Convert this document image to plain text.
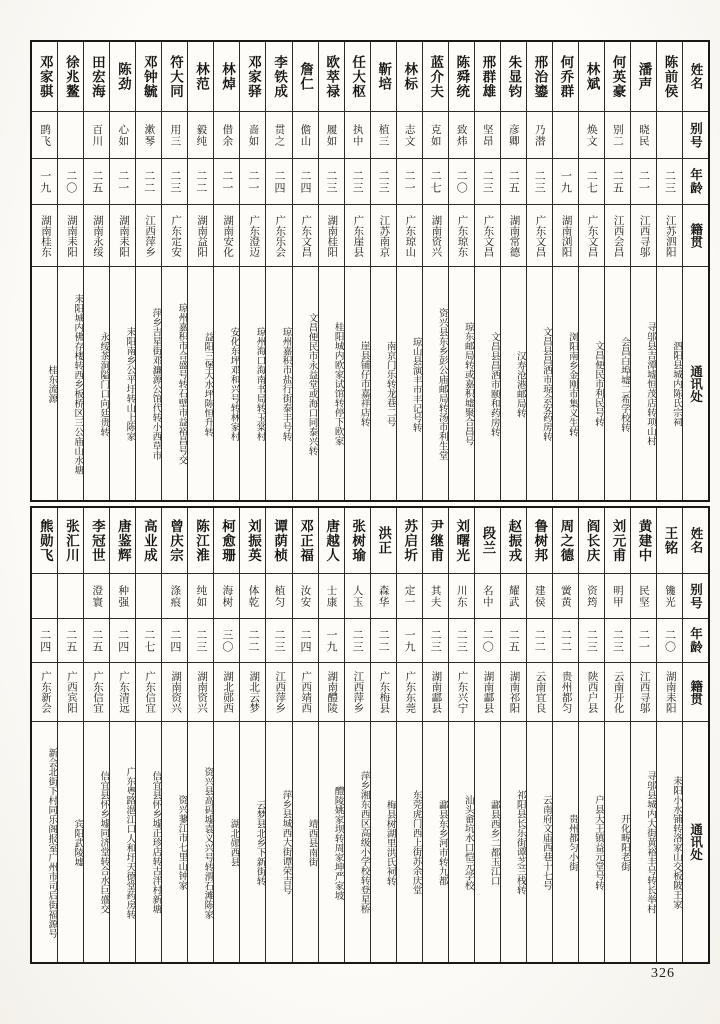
姓名
别号
年龄
籍贯
通讯处
陈前侯
二三
江苏泗阳
泗阳县城内陈氏宗祠
潘声
晓民
二一
江西寻邬
寻邬县吉潭墟恒茂店转项山村
何英豪
别二
二五
江西会昌
会昌白埠墟二希学校转
林斌
焕文
二七
广东文昌
文昌便民市利民号转
何乔群
一九
湖南浏阳
浏阳南乡金刚市集义生转
邢治鎏
乃潜
二三
广东文昌
文昌县昌洒市琼会安药房转
朱显钧
彦卿
二五
湖南常德
汉寿沧港邮局转
邢群雄
坚昂
二三
广东文昌
文昌县昌洒市颐和药房转
陈舜统
致炜
二〇
广东琼东
琼东邮局转或嘉积墟聚合昌号
蓝介夫
克如
二七
湖南资兴
资兴县东乡彭公庙邮局转汤市利生堂
林标
志文
二一
广东琼山
琼山县演丰市丰记号转
靳培
植三
二三
江苏南京
南京门乐转龙巷二号
任大枢
执中
二三
广东崖县
崖县铺仔市嘉祥店转
欧萃禄
履如
二三
湖南桂阳
桂阳城内欧家试馆转停下欧家
詹仁
儋山
二四
广东文昌
文昌便民市永益堂或海口同泰兴转
李铁成
贯之
二四
广东乐会
琼州嘉积市盐行街泰丰号转
邓家驿
啬如
二一
广东澄迈
琼州海口海南书局转玉棠村
林焯
借余
二一
湖南安化
安化东坪邓和兴号转林家村
林范
毅纯
二二
湖南益阳
益阳三堡大水坪陈恒升转
符大同
用三
二三
广东定安
琼州嘉积市合盛号转石壁市益裕昌号交
邓钟毓
漱琴
二二
江西萍乡
萍乡吉星街邓濂源公馆代转小西草市
陈劲
心如
二一
湖南耒阳
耒阳南乡公平圩转山上陈家
田宏海
百川
二五
湖南永绥
永绥茶洞隘门口向廷贵转
徐兆鳌
二〇
湖南耒阳
耒阳城内佛存楼转西乡板桥区三公庙山水塘
邓家骐
鹍飞
一九
湖南桂东
桂东流源
姓名
别号
年龄
籍贯
通讯处
王铭
镵光
二〇
湖南耒阳
耒阳小水铺转洛家山交板陂王家
黄建中
民坚
二一
江西寻邬
寻邬县城内大街黄裕丰号转长举村
刘元甫
明甲
二三
云南开化
开化畴阳老街
阎长庆
资筠
二三
陕西户县
户县大王镇益元堂号转
周之德
黉黄
二二
贵州都匀
贵州都匀小街
鲁树邦
建侯
二二
云南宜良
云南府文庙西巷十七号
赵振戎
耀武
二五
湖南祁阳
祁阳县长乐街谭芝兰栈转
段兰
名中
二〇
湖南酃县
酃县西乡二都玉江口
刘曙光
川东
二三
广东兴宁
汕头畲坑水口恺元学校
尹继甫
其夫
二三
湖南酃县
酃县东乡河市转九都
苏启圻
定一
一九
广东东莞
东莞虎门西上街苏余庆堂
洪正
森华
二二
广东梅县
梅县树湖里洪氏祠转
张树瑜
人玉
二三
江西萍乡
萍乡湘东西区高级小学校转登星桥
唐越人
士康
一九
湖南醴陵
醴陵姚家坝转周家坤严家坡
邓正福
汝安
二四
广西靖西
靖西县南街
谭荫桢
植匀
二三
江西萍乡
萍乡县城西大街谭荣吉号
刘振英
体乾
二二
湖北云梦
云梦县北乡下新街转
柯愈珊
海树
三〇
湖北郧西
湖北郧西县
陈江淮
纯如
二三
湖南资兴
资兴县高码墟袁义兴号转滑石滩陈家
曾庆宗
涤痕
二四
湖南资兴
资兴蓼江市七里山钟家
高业成
二七
广东信宜
信宜县怀乡墟正珍店转古泮村新塘
唐鉴辉
种强
二四
广东清远
广东粤路潖江口人和圩天德堂药房转
李冠世
澄寰
二五
广东信宜
信宜县怀乡墟同济堂转合水巨盛交
张汇川
二五
广西宾阳
宾阳武陵墟
熊勋飞
二四
广东新会
新会北街下村同乐阁报室广州市司后街福源号
326
